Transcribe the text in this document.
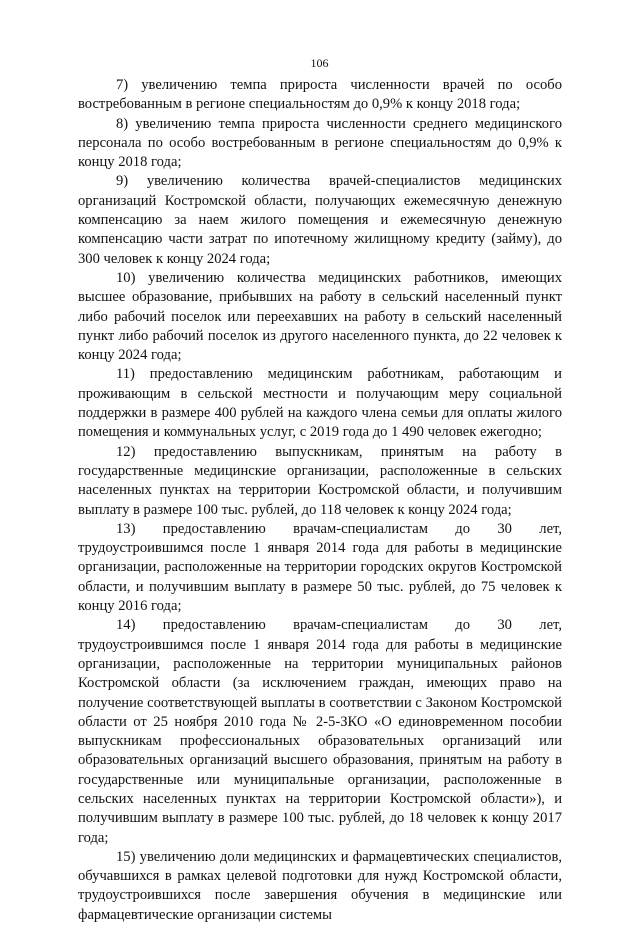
106

7) увеличению темпа прироста численности врачей по особо востребованным в регионе специальностям до 0,9% к концу 2018 года;

8) увеличению темпа прироста численности среднего медицинского персонала по особо востребованным в регионе специальностям до 0,9% к концу 2018 года;

9) увеличению количества врачей-специалистов медицинских организаций Костромской области, получающих ежемесячную денежную компенсацию за наем жилого помещения и ежемесячную денежную компенсацию части затрат по ипотечному жилищному кредиту (займу), до 300 человек к концу 2024 года;

10) увеличению количества медицинских работников, имеющих высшее образование, прибывших на работу в сельский населенный пункт либо рабочий поселок или переехавших на работу в сельский населенный пункт либо рабочий поселок из другого населенного пункта, до 22 человек к концу 2024 года;

11) предоставлению медицинским работникам, работающим и проживающим в сельской местности и получающим меру социальной поддержки в размере 400 рублей на каждого члена семьи для оплаты жилого помещения и коммунальных услуг, с 2019 года до 1 490 человек ежегодно;

12) предоставлению выпускникам, принятым на работу в государственные медицинские организации, расположенные в сельских населенных пунктах на территории Костромской области, и получившим выплату в размере 100 тыс. рублей, до 118 человек к концу 2024 года;

13) предоставлению врачам-специалистам до 30 лет, трудоустроившимся после 1 января 2014 года для работы в медицинские организации, расположенные на территории городских округов Костромской области, и получившим выплату в размере 50 тыс. рублей, до 75 человек к концу 2016 года;

14) предоставлению врачам-специалистам до 30 лет, трудоустроившимся после 1 января 2014 года для работы в медицинские организации, расположенные на территории муниципальных районов Костромской области (за исключением граждан, имеющих право на получение соответствующей выплаты в соответствии с Законом Костромской области от 25 ноября 2010 года № 2-5-ЗКО «О единовременном пособии выпускникам профессиональных образовательных организаций или образовательных организаций высшего образования, принятым на работу в государственные или муниципальные организации, расположенные в сельских населенных пунктах на территории Костромской области»), и получившим выплату в размере 100 тыс. рублей, до 18 человек к концу 2017 года;

15) увеличению доли медицинских и фармацевтических специалистов, обучавшихся в рамках целевой подготовки для нужд Костромской области, трудоустроившихся после завершения обучения в медицинские или фармацевтические организации системы
